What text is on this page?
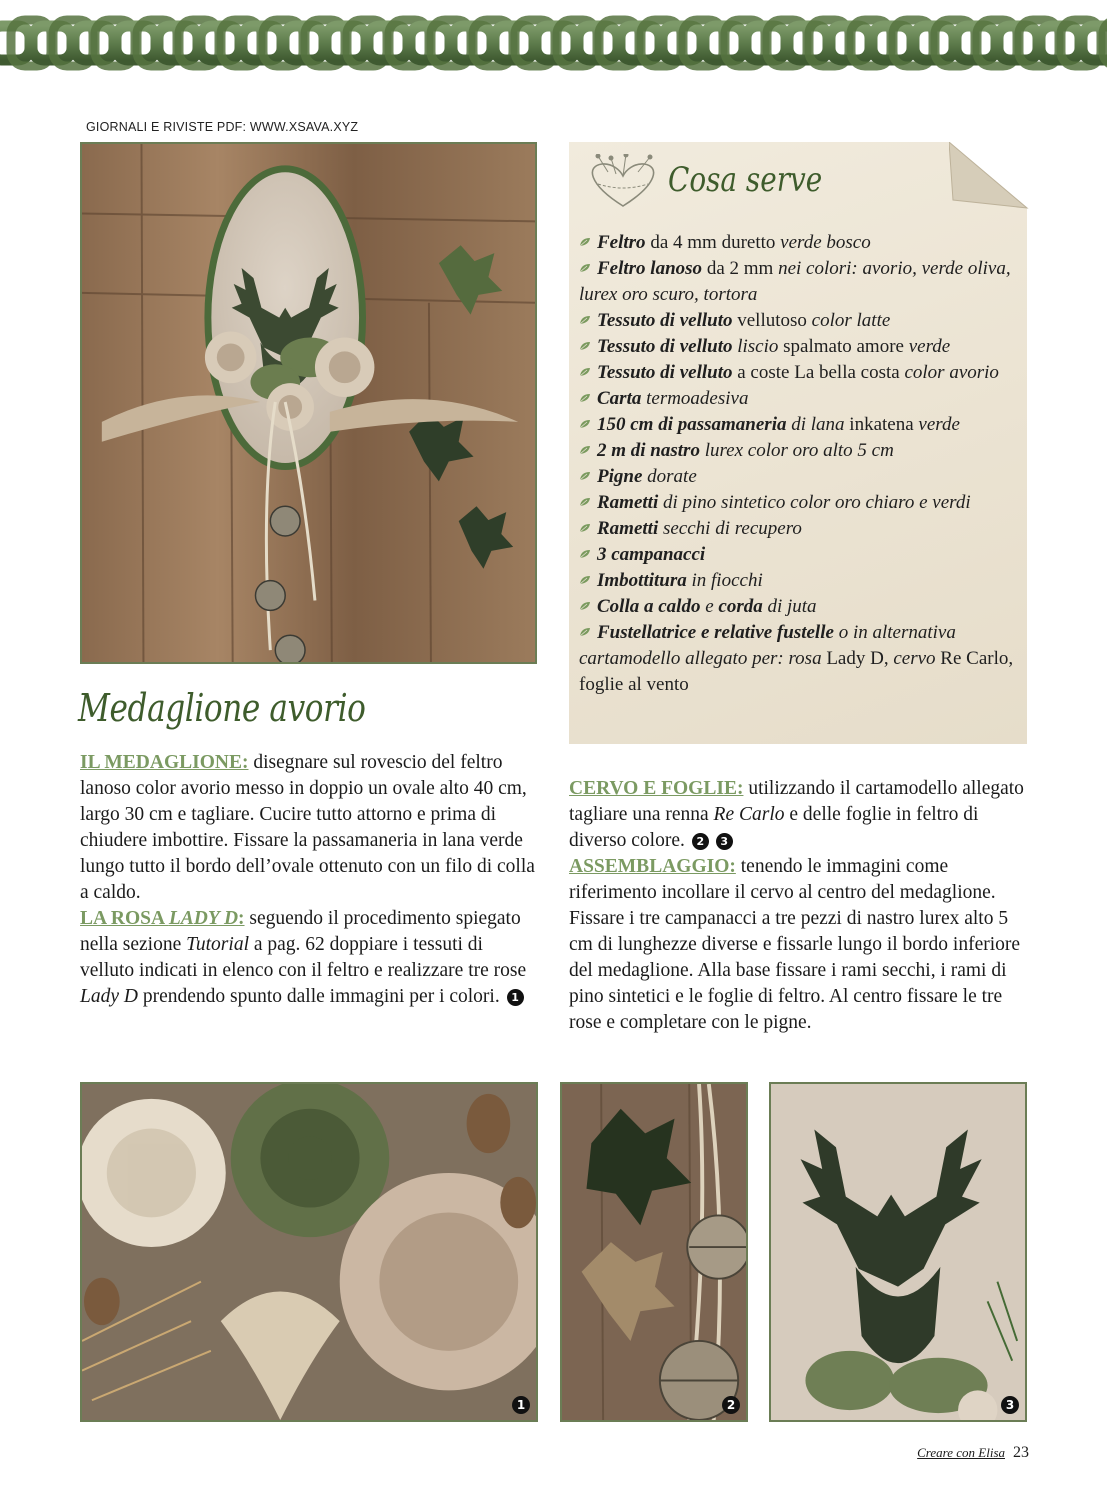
GIORNALI E RIVISTE PDF: WWW.XSAVA.XYZ
Cosa serve
Feltro da 4 mm duretto verde bosco
Feltro lanoso da 2 mm nei colori: avorio, verde oliva, lurex oro scuro, tortora
Tessuto di velluto vellutoso color latte
Tessuto di velluto liscio spalmato amore verde
Tessuto di velluto a coste La bella costa color avorio
Carta termoadesiva
150 cm di passamaneria di lana inkatena verde
2 m di nastro lurex color oro alto 5 cm
Pigne dorate
Rametti di pino sintetico color oro chiaro e verdi
Rametti secchi di recupero
3 campanacci
Imbottitura in fiocchi
Colla a caldo e corda di juta
Fustellatrice e relative fustelle o in alternativa cartamodello allegato per: rosa Lady D, cervo Re Carlo, foglie al vento
Medaglione avorio
IL MEDAGLIONE: disegnare sul rovescio del feltro lanoso color avorio messo in doppio un ovale alto 40 cm, largo 30 cm e tagliare. Cucire tutto attorno e prima di chiudere imbottire. Fissare la passamaneria in lana verde lungo tutto il bordo dell’ovale ottenuto con un filo di colla a caldo.
LA ROSA LADY D: seguendo il procedimento spiegato nella sezione Tutorial a pag. 62 doppiare i tessuti di velluto indicati in elenco con il feltro e realizzare tre rose Lady D prendendo spunto dalle immagini per i colori. 1
CERVO E FOGLIE: utilizzando il cartamodello allegato tagliare una renna Re Carlo e delle foglie in feltro di diverso colore. 2 3
ASSEMBLAGGIO: tenendo le immagini come riferimento incollare il cervo al centro del medaglione. Fissare i tre campanacci a tre pezzi di nastro lurex alto 5 cm di lunghezze diverse e fissarle lungo il bordo inferiore del medaglione. Alla base fissare i rami secchi, i rami di pino sintetici e le foglie di feltro. Al centro fissare le tre rose e completare con le pigne.
1	2	3
Creare con Elisa 23
